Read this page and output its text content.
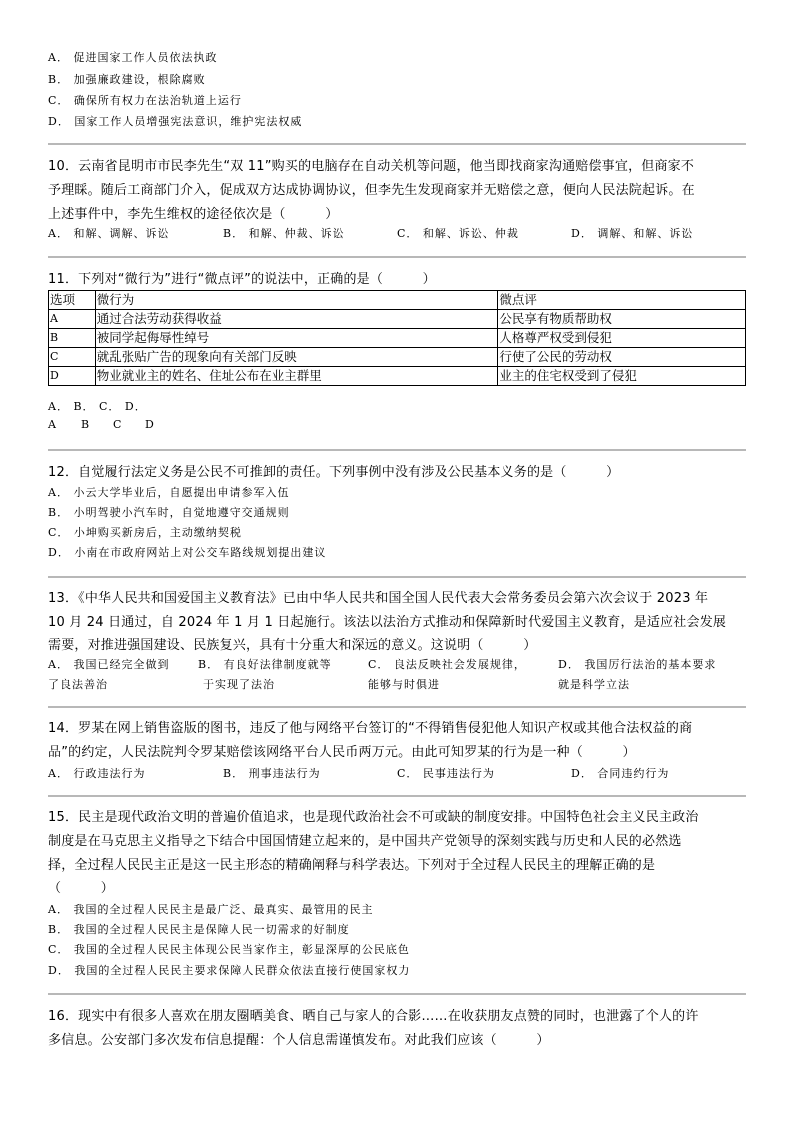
A． 促进国家工作人员依法执政
B． 加强廉政建设，根除腐败
C． 确保所有权力在法治轨道上运行
D． 国家工作人员增强宪法意识，维护宪法权威
10．云南省昆明市市民李先生“双 11”购买的电脑存在自动关机等问题，他当即找商家沟通赔偿事宜，但商家不
予理睬。随后工商部门介入，促成双方达成协调协议，但李先生发现商家并无赔偿之意，便向人民法院起诉。在
上述事件中，李先生维权的途径依次是（　　　）
A． 和解、调解、诉讼	B． 和解、仲裁、诉讼	C． 和解、诉讼、仲裁	D． 调解、和解、诉讼
11．下列对“微行为”进行“微点评”的说法中，正确的是（　　　）
选项	微行为	微点评
A	通过合法劳动获得收益	公民享有物质帮助权
B	被同学起侮辱性绰号	人格尊严权受到侵犯
C	就乱张贴广告的现象向有关部门反映	行使了公民的劳动权
D	物业就业主的姓名、住址公布在业主群里	业主的住宅权受到了侵犯
A． B． C． D．
A B C D
12．自觉履行法定义务是公民不可推卸的责任。下列事例中没有涉及公民基本义务的是（　　　）
A． 小云大学毕业后，自愿提出申请参军入伍
B． 小明驾驶小汽车时，自觉地遵守交通规则
C． 小坤购买新房后，主动缴纳契税
D． 小南在市政府网站上对公交车路线规划提出建议
13．《中华人民共和国爱国主义教育法》已由中华人民共和国全国人民代表大会常务委员会第六次会议于 2023 年
10 月 24 日通过，自 2024 年 1 月 1 日起施行。该法以法治方式推动和保障新时代爱国主义教育，是适应社会发展
需要，对推进强国建设、民族复兴，具有十分重大和深远的意义。这说明（　　　）
A． 我国已经完全做到
了良法善治
B． 有良好法律制度就等
于实现了法治
C． 良法反映社会发展规律，
能够与时俱进
D． 我国厉行法治的基本要求
就是科学立法
14．罗某在网上销售盗版的图书，违反了他与网络平台签订的“不得销售侵犯他人知识产权或其他合法权益的商
品”的约定，人民法院判令罗某赔偿该网络平台人民币两万元。由此可知罗某的行为是一种（　　　）
A． 行政违法行为	B． 刑事违法行为	C． 民事违法行为	D． 合同违约行为
15．民主是现代政治文明的普遍价值追求，也是现代政治社会不可或缺的制度安排。中国特色社会主义民主政治
制度是在马克思主义指导之下结合中国国情建立起来的，是中国共产党领导的深刻实践与历史和人民的必然选
择，全过程人民民主正是这一民主形态的精确阐释与科学表达。下列对于全过程人民民主的理解正确的是
（　　　）
A． 我国的全过程人民民主是最广泛、最真实、最管用的民主
B． 我国的全过程人民民主是保障人民一切需求的好制度
C． 我国的全过程人民民主体现公民当家作主，彰显深厚的公民底色
D． 我国的全过程人民民主要求保障人民群众依法直接行使国家权力
16．现实中有很多人喜欢在朋友圈晒美食、晒自己与家人的合影……在收获朋友点赞的同时，也泄露了个人的许
多信息。公安部门多次发布信息提醒：个人信息需谨慎发布。对此我们应该（　　　）
